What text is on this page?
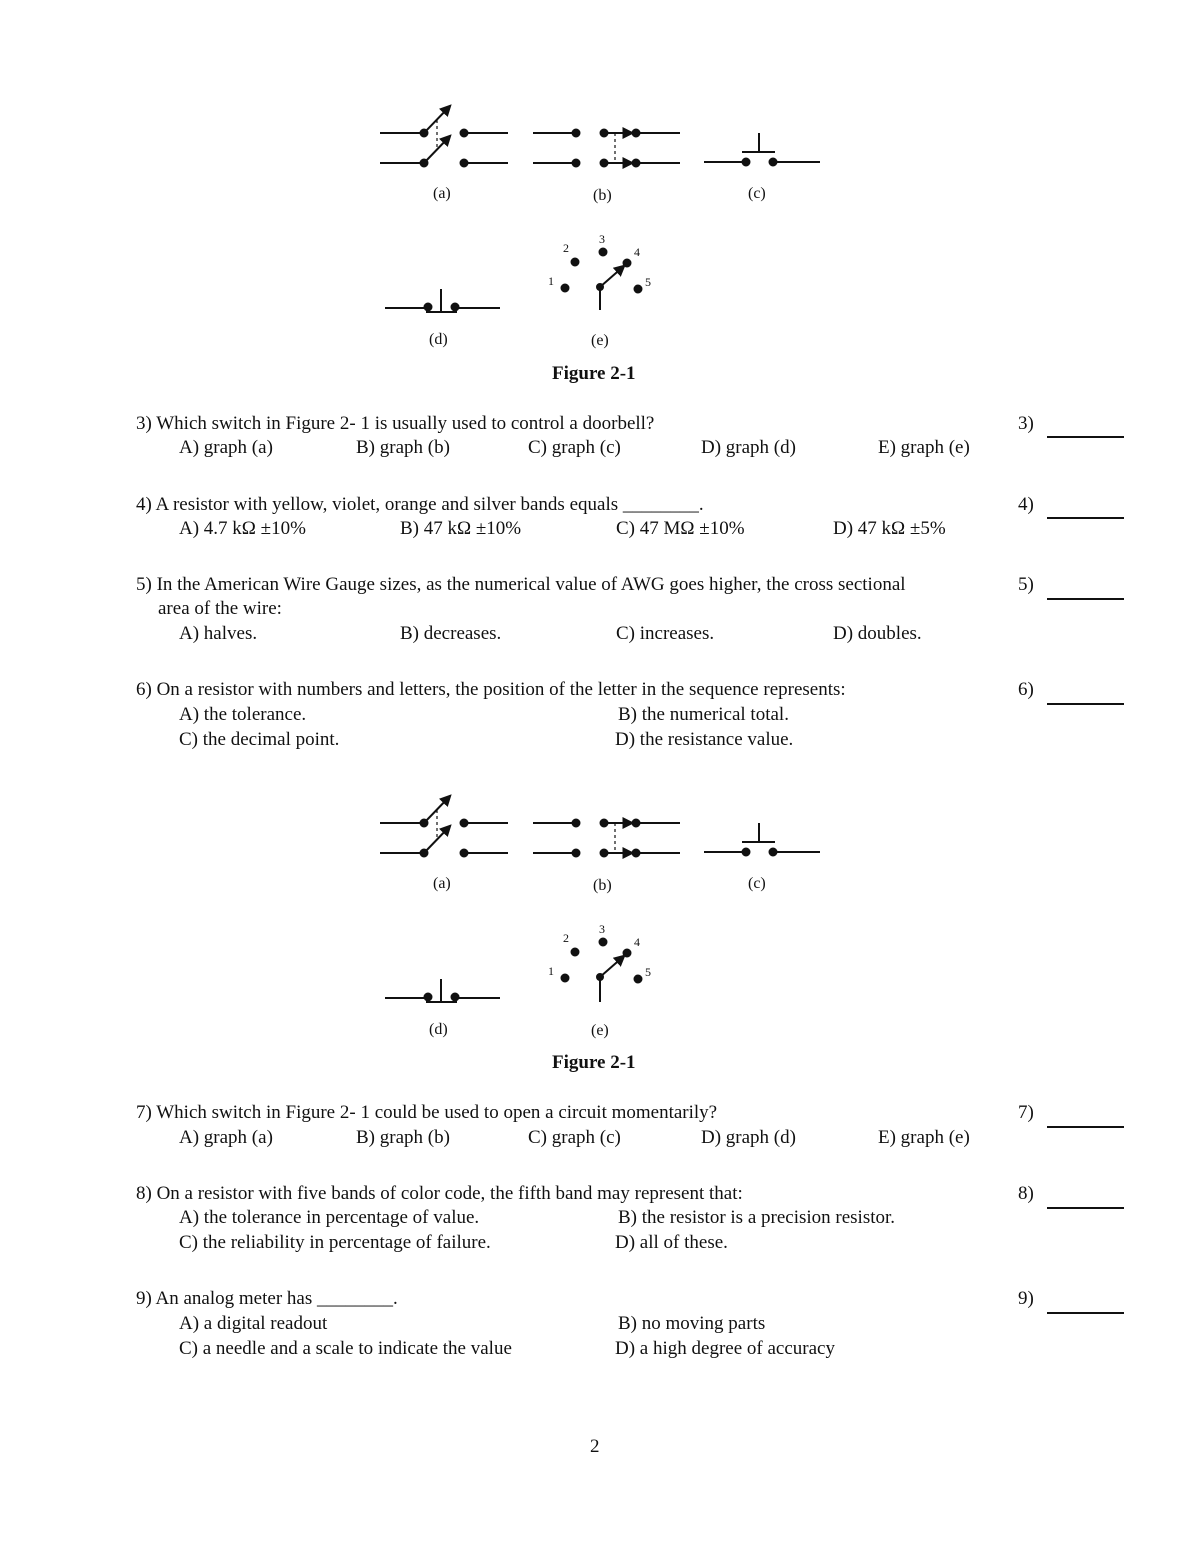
(a)	(b)	(c)
(d)	(e)
1
2
3
4
5
Figure 2-1
3) Which switch in Figure 2- 1 is usually used to control a doorbell?	3)
A) graph (a)	B) graph (b)	C) graph (c)	D) graph (d)	E) graph (e)
4) A resistor with yellow, violet, orange and silver bands equals ________.	4)
A) 4.7 kΩ ±10%	B) 47 kΩ ±10%	C) 47 MΩ ±10%	D) 47 kΩ ±5%
5) In the American Wire Gauge sizes, as the numerical value of AWG goes higher, the cross sectional
area of the wire:
5)
A) halves.	B) decreases.	C) increases.	D) doubles.
6) On a resistor with numbers and letters, the position of the letter in the sequence represents:	6)
A) the tolerance.	B) the numerical total.
C) the decimal point.	D) the resistance value.
(a)	(b)	(c)
(d)	(e)
1
2
3
4
5
Figure 2-1
7) Which switch in Figure 2- 1 could be used to open a circuit momentarily?	7)
A) graph (a)	B) graph (b)	C) graph (c)	D) graph (d)	E) graph (e)
8) On a resistor with five bands of color code, the fifth band may represent that:	8)
A) the tolerance in percentage of value.	B) the resistor is a precision resistor.
C) the reliability in percentage of failure.	D) all of these.
9) An analog meter has ________.	9)
A) a digital readout	B) no moving parts
C) a needle and a scale to indicate the value	D) a high degree of accuracy
2
